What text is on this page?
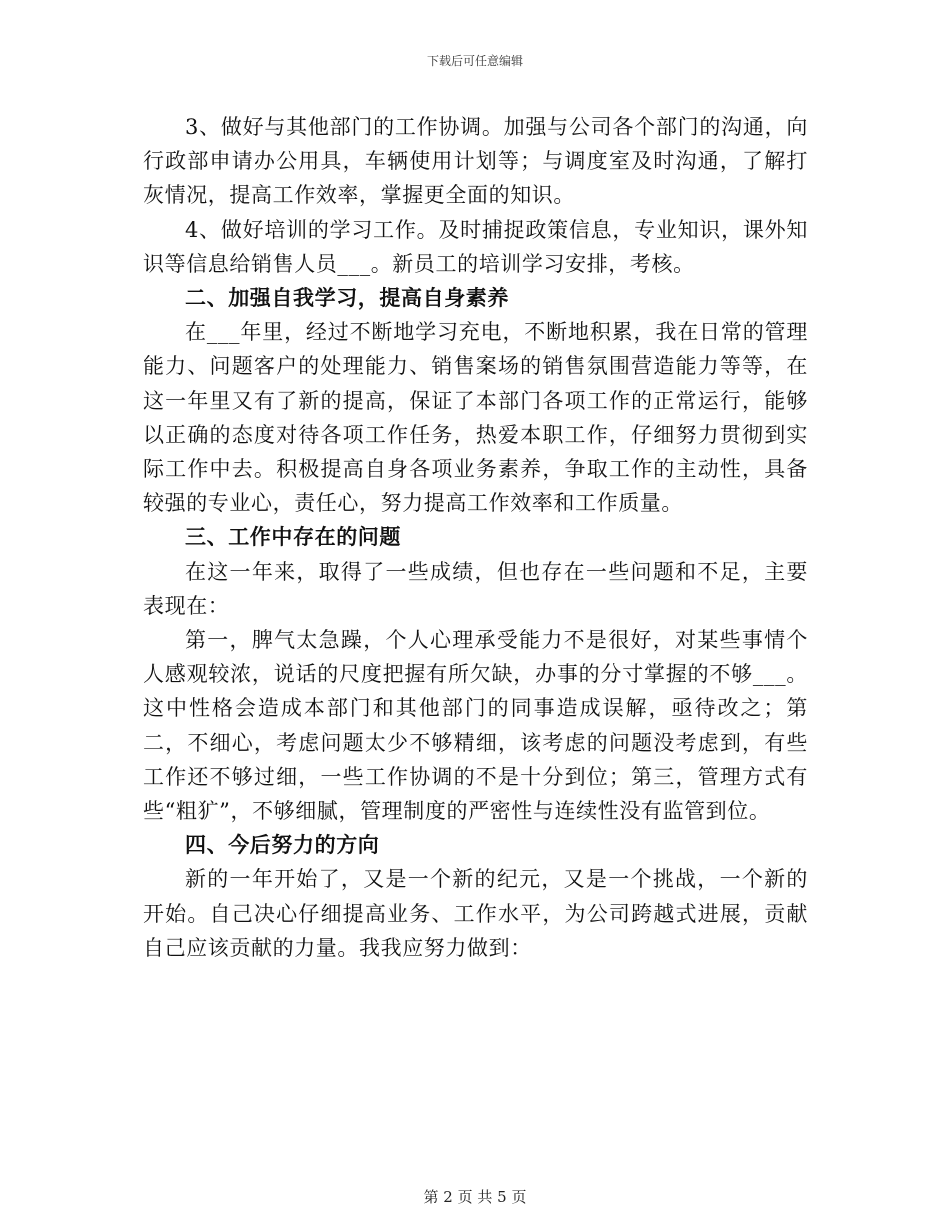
下载后可任意编辑

3、做好与其他部门的工作协调。加强与公司各个部门的沟通，向行政部申请办公用具，车辆使用计划等；与调度室及时沟通，了解打灰情况，提高工作效率，掌握更全面的知识。

4、做好培训的学习工作。及时捕捉政策信息，专业知识，课外知识等信息给销售人员___。新员工的培训学习安排，考核。

二、加强自我学习，提高自身素养

在___年里，经过不断地学习充电，不断地积累，我在日常的管理能力、问题客户的处理能力、销售案场的销售氛围营造能力等等，在这一年里又有了新的提高，保证了本部门各项工作的正常运行，能够以正确的态度对待各项工作任务，热爱本职工作，仔细努力贯彻到实际工作中去。积极提高自身各项业务素养，争取工作的主动性，具备较强的专业心，责任心，努力提高工作效率和工作质量。

三、工作中存在的问题

在这一年来，取得了一些成绩，但也存在一些问题和不足，主要表现在：

第一，脾气太急躁，个人心理承受能力不是很好，对某些事情个人感观较浓，说话的尺度把握有所欠缺，办事的分寸掌握的不够___。这中性格会造成本部门和其他部门的同事造成误解，亟待改之；第二，不细心，考虑问题太少不够精细，该考虑的问题没考虑到，有些工作还不够过细，一些工作协调的不是十分到位；第三，管理方式有些“粗犷”，不够细腻，管理制度的严密性与连续性没有监管到位。

四、今后努力的方向

新的一年开始了，又是一个新的纪元，又是一个挑战，一个新的开始。自己决心仔细提高业务、工作水平，为公司跨越式进展，贡献自己应该贡献的力量。我我应努力做到：

第 2 页 共 5 页
